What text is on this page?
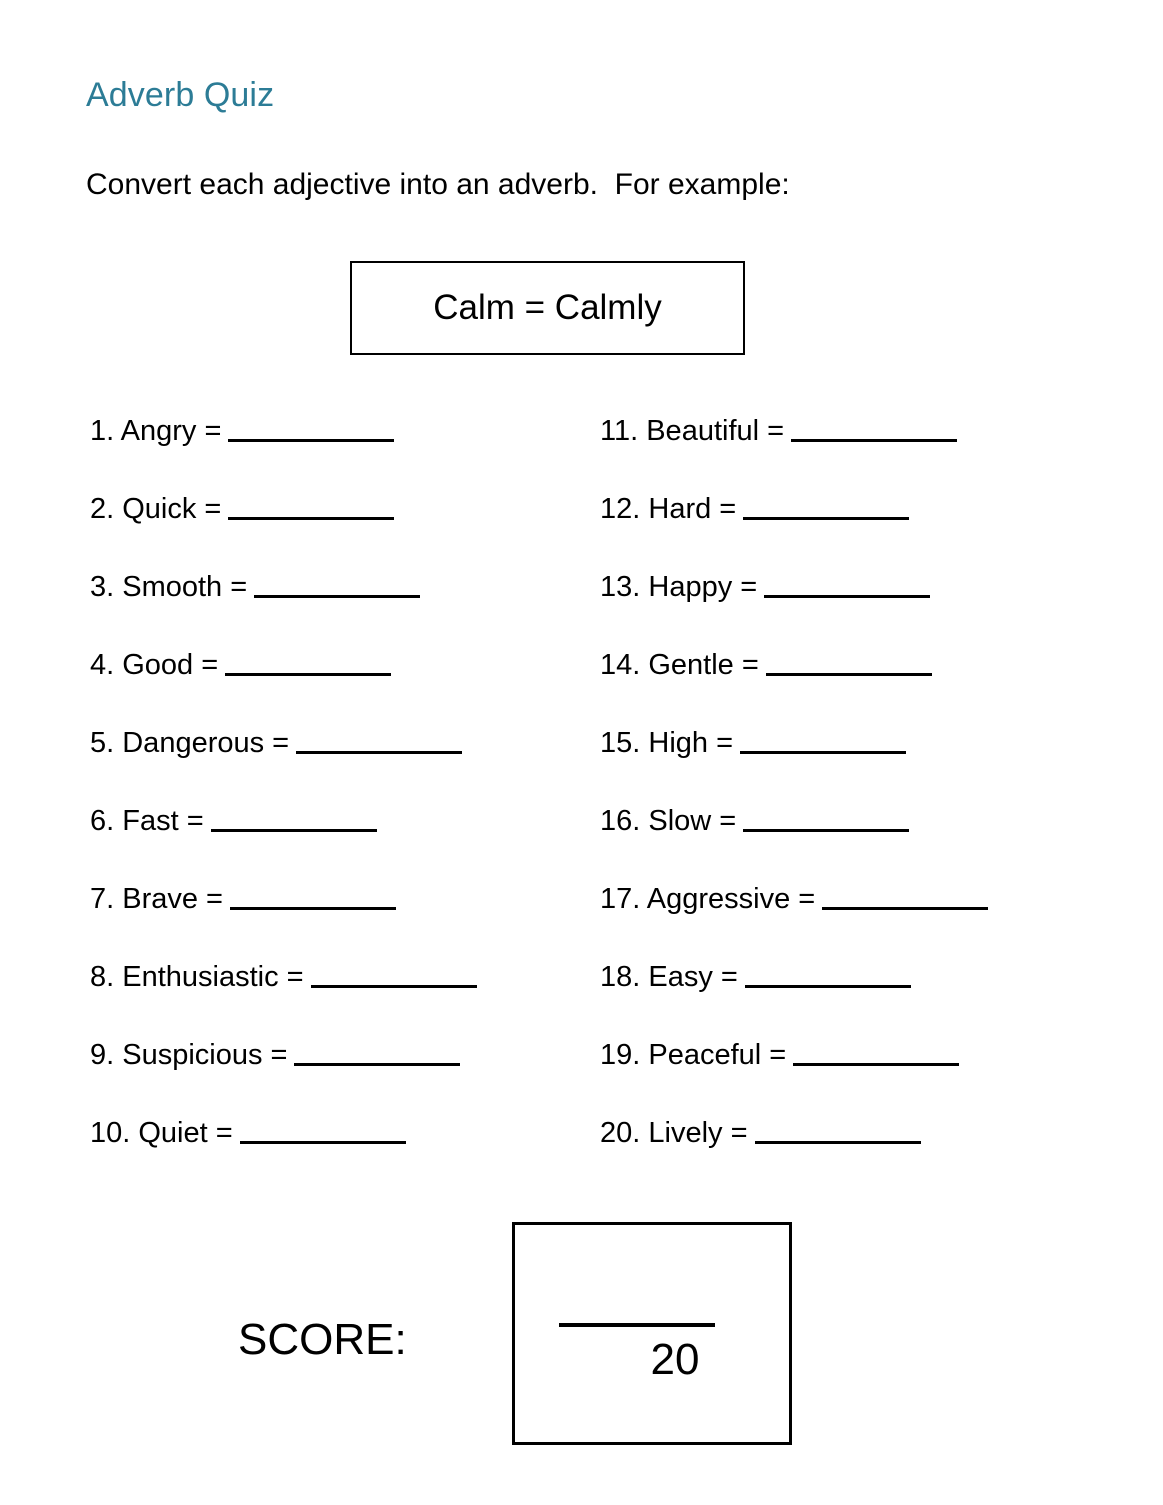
Adverb Quiz
Convert each adjective into an adverb.  For example:
Calm = Calmly
1. Angry =
2. Quick =
3. Smooth =
4. Good =
5. Dangerous =
6. Fast =
7. Brave =
8. Enthusiastic =
9. Suspicious =
10. Quiet =
11. Beautiful =
12. Hard =
13. Happy =
14. Gentle =
15. High =
16. Slow =
17. Aggressive =
18. Easy =
19. Peaceful =
20. Lively =
SCORE:	20
